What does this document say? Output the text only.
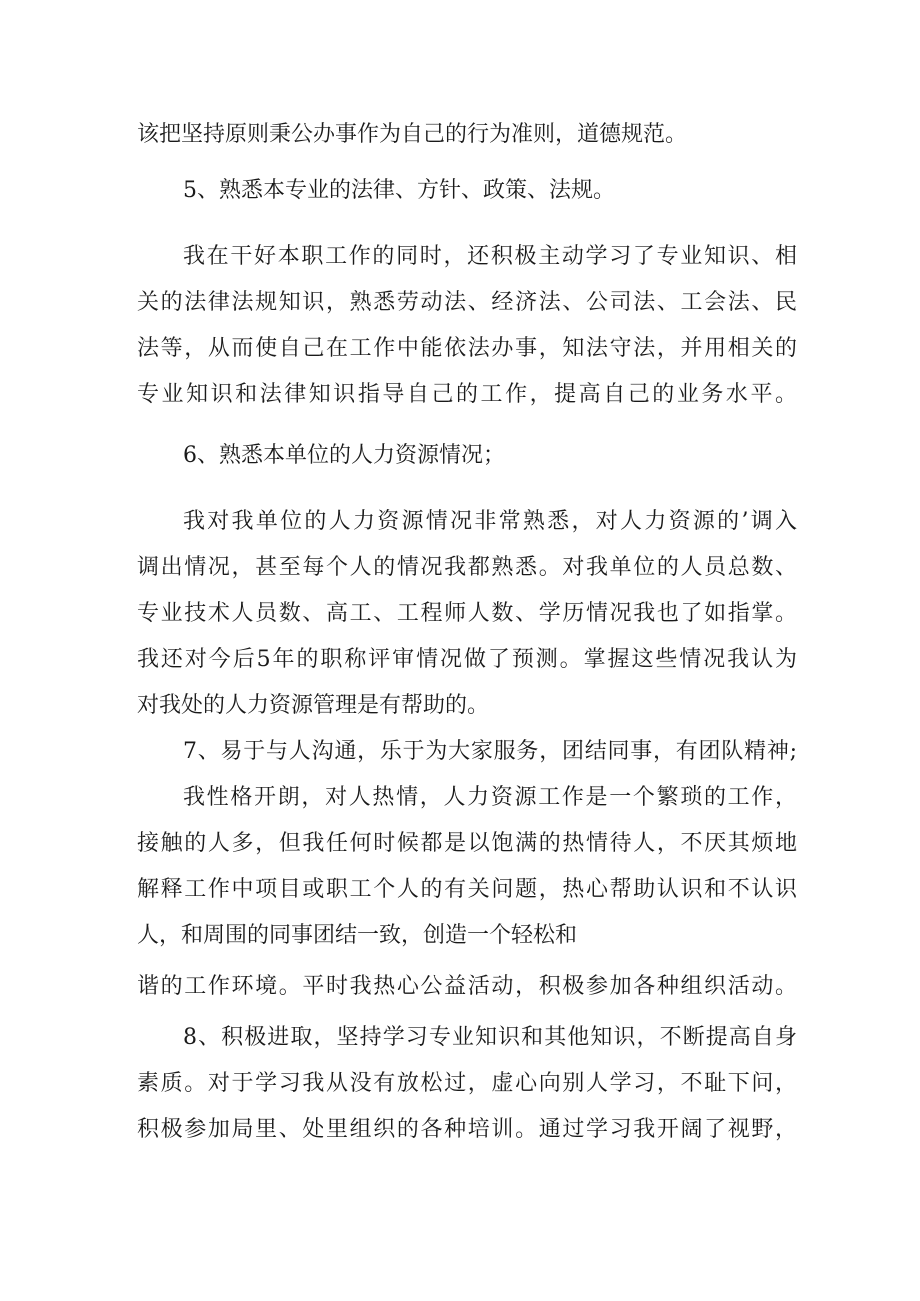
该把坚持原则秉公办事作为自己的行为准则，道德规范。
5、熟悉本专业的法律、方针、政策、法规。
我在干好本职工作的同时，还积极主动学习了专业知识、相
关的法律法规知识，熟悉劳动法、经济法、公司法、工会法、民
法等，从而使自己在工作中能依法办事，知法守法，并用相关的
专业知识和法律知识指导自己的工作，提高自己的业务水平。
6、熟悉本单位的人力资源情况；
我对我单位的人力资源情况非常熟悉，对人力资源的’调入
调出情况，甚至每个人的情况我都熟悉。对我单位的人员总数、
专业技术人员数、高工、工程师人数、学历情况我也了如指掌。
我还对今后5年的职称评审情况做了预测。掌握这些情况我认为
对我处的人力资源管理是有帮助的。
7、易于与人沟通，乐于为大家服务，团结同事，有团队精神;
我性格开朗，对人热情，人力资源工作是一个繁琐的工作，
接触的人多，但我任何时候都是以饱满的热情待人，不厌其烦地
解释工作中项目或职工个人的有关问题，热心帮助认识和不认识
人，和周围的同事团结一致，创造一个轻松和
谐的工作环境。平时我热心公益活动，积极参加各种组织活动。
8、积极进取，坚持学习专业知识和其他知识，不断提高自身
素质。对于学习我从没有放松过，虚心向别人学习，不耻下问，
积极参加局里、处里组织的各种培训。通过学习我开阔了视野，
